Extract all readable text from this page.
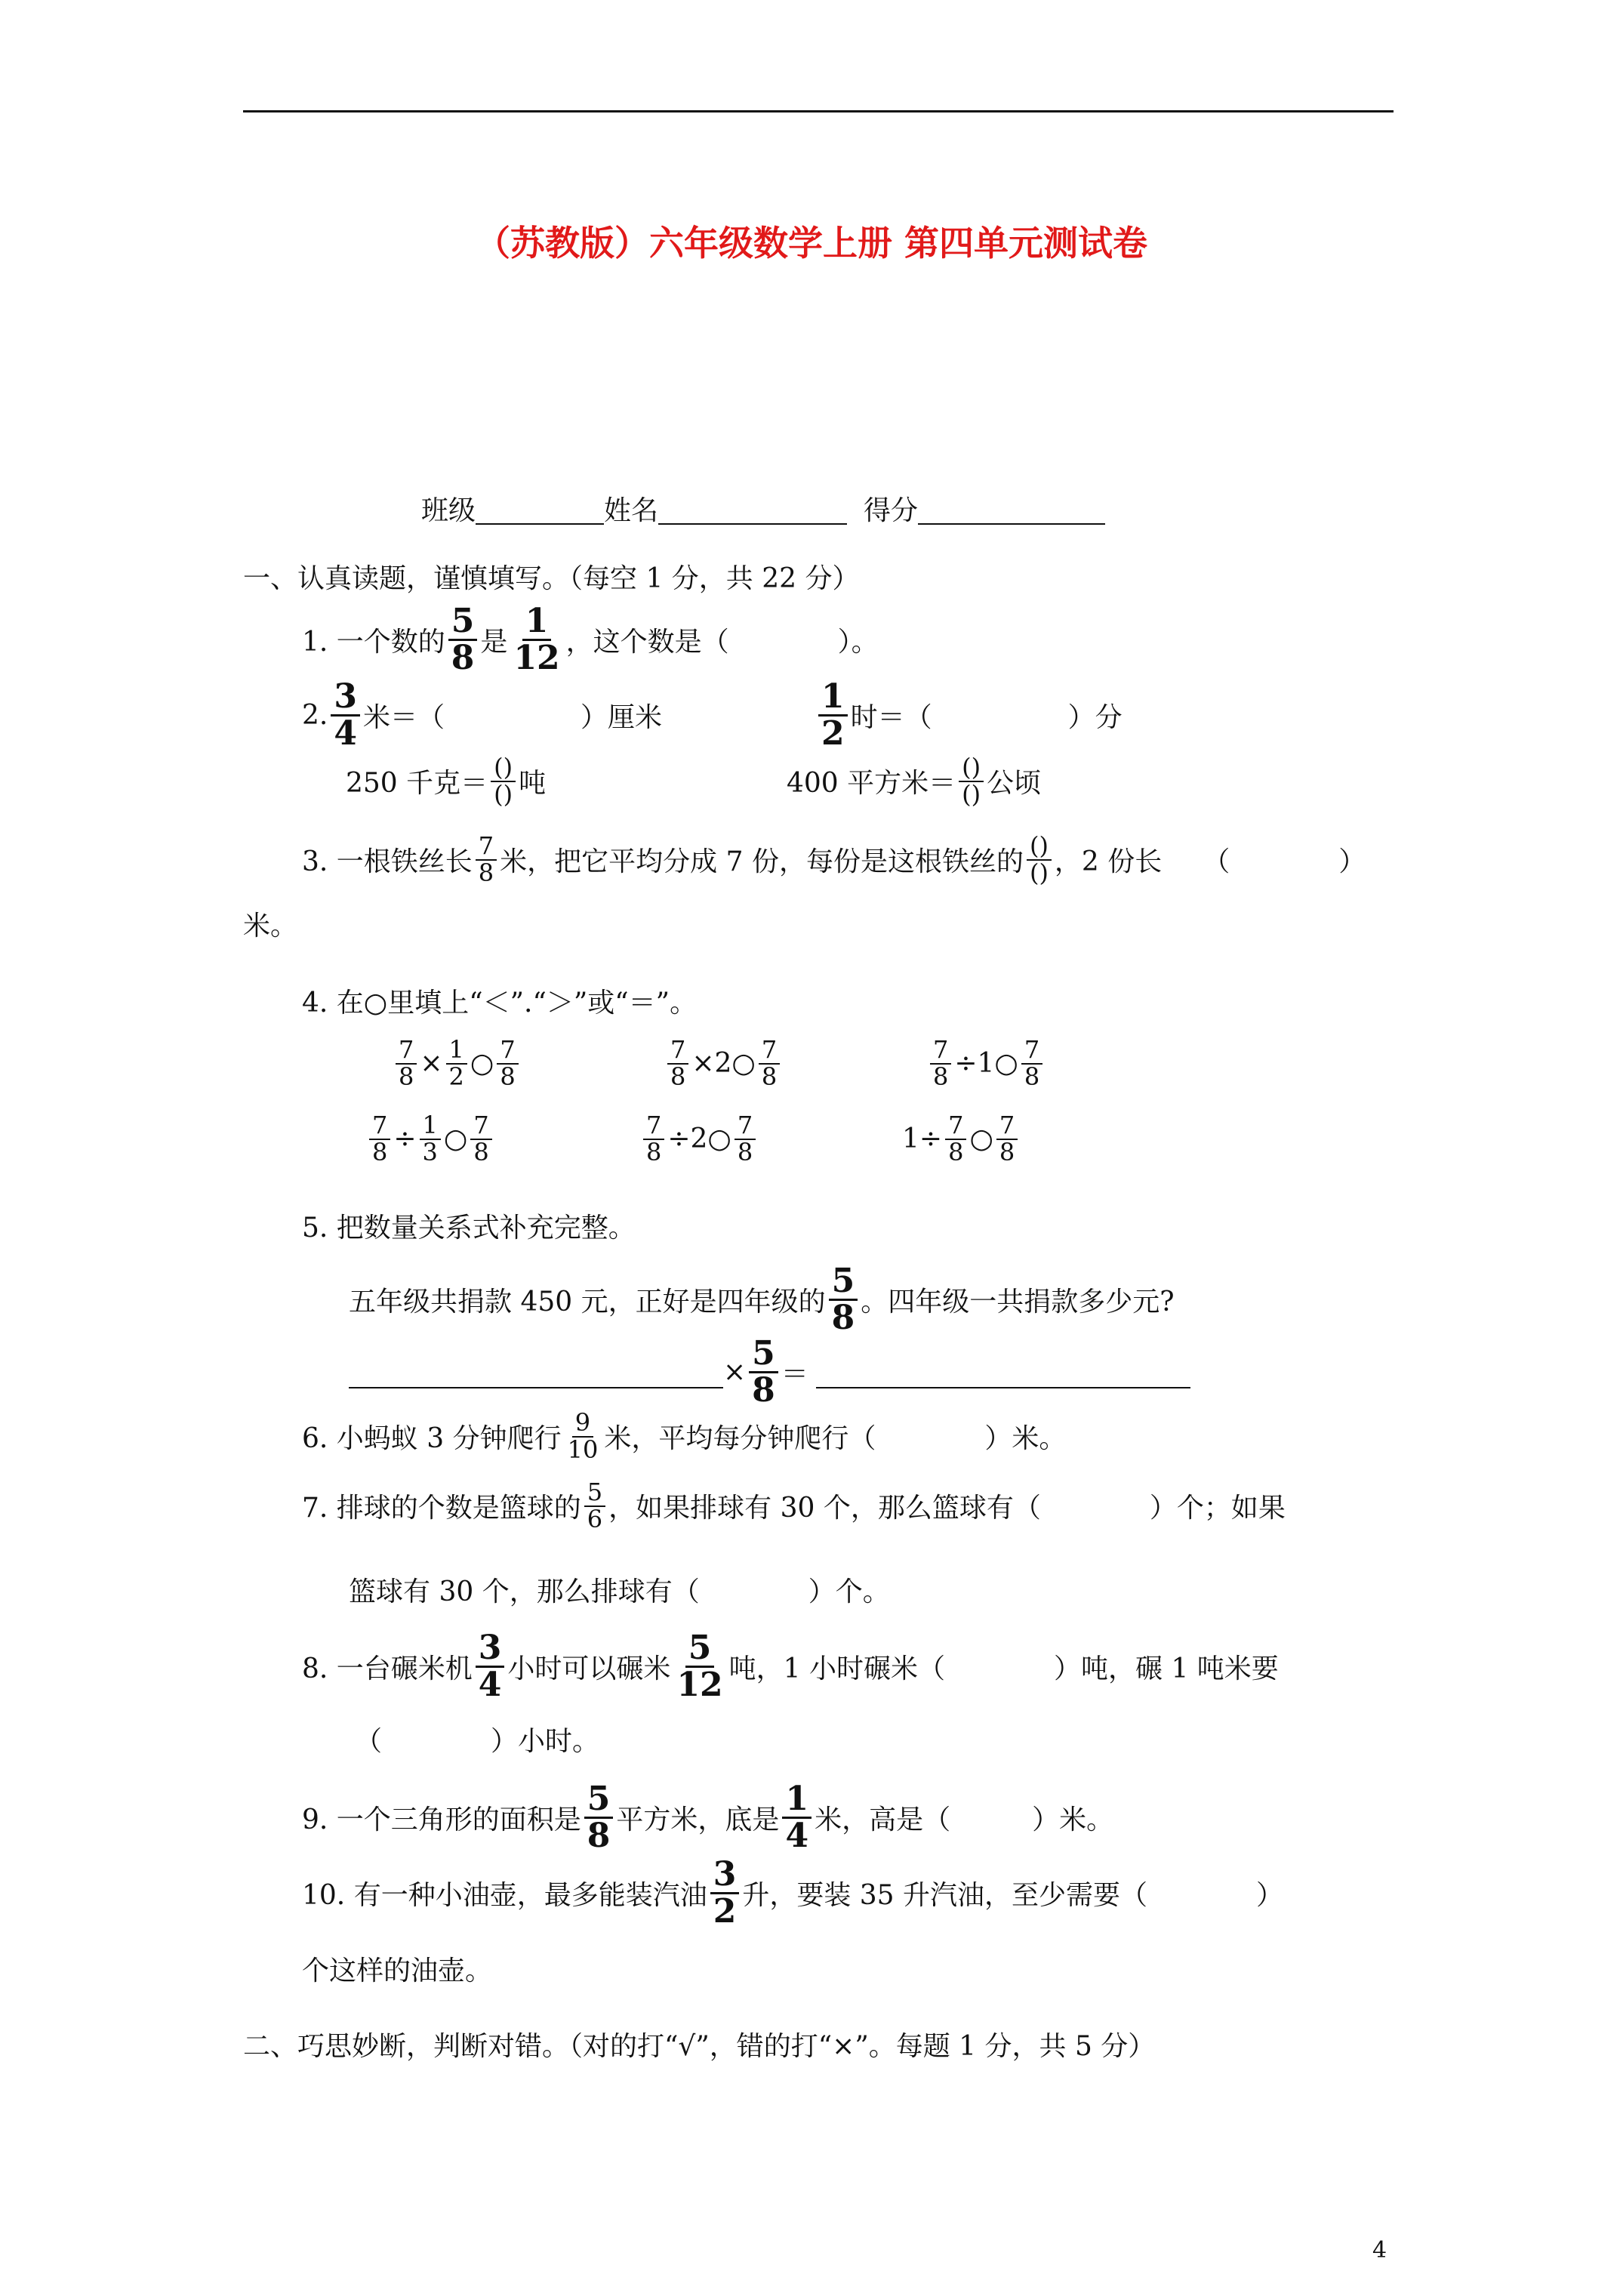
（苏教版）六年级数学上册 第四单元测试卷
班级	姓名	得分
一、认真读题，谨慎填写。（每空 1 分，共 22 分）
1. 一个数的 $\frac{5}{8}$ 是 $\frac{1}{12}$ ，这个数是（　　　　）。
2. $\frac{3}{4}$ 米＝（　　　　　）厘米	$\frac{1}{2}$ 时＝（　　　　　）分
250 千克＝ $\frac{()}{()}$ 吨	400 平方米＝ $\frac{()}{()}$ 公顷
3. 一根铁丝长 $\frac{7}{8}$ 米，把它平均分成 7 份，每份是这根铁丝的 $\frac{()}{()}$ ，2 份长　　（　　　　）
米。
4. 在○里填上“＜”.“＞”或“＝”。
$\frac{7}{8} \times \frac{1}{2}$ ○ $\frac{7}{8}$	$\frac{7}{8}$ ×2○ $\frac{7}{8}$	$\frac{7}{8}$ ÷1○ $\frac{7}{8}$
$\frac{7}{8} \div \frac{1}{3}$ ○ $\frac{7}{8}$	$\frac{7}{8}$ ÷2○ $\frac{7}{8}$	$1\div \frac{7}{8}$ ○ $\frac{7}{8}$
5. 把数量关系式补充完整。
五年级共捐款 450 元，正好是四年级的 $\frac{5}{8}$ 。四年级一共捐款多少元?
× $\frac{5}{8}$ ＝
6. 小蚂蚁 3 分钟爬行 $\frac{9}{10}$ 米，平均每分钟爬行（　　　　）米。
7. 排球的个数是篮球的 $\frac{5}{6}$ ，如果排球有 30 个，那么篮球有（　　　　）个；如果
篮球有 30 个，那么排球有（　　　　）个。
8. 一台碾米机 $\frac{3}{4}$ 小时可以碾米 $\frac{5}{12}$ 吨，1 小时碾米（　　　　）吨，碾 1 吨米要
（　　　　）小时。
9. 一个三角形的面积是 $\frac{5}{8}$ 平方米，底是 $\frac{1}{4}$ 米，高是（　　　）米。
10. 有一种小油壶，最多能装汽油 $\frac{3}{2}$ 升，要装 35 升汽油，至少需要（　　　　）
个这样的油壶。
二、巧思妙断，判断对错。（对的打“√”，错的打“×”。每题 1 分，共 5 分）
4
